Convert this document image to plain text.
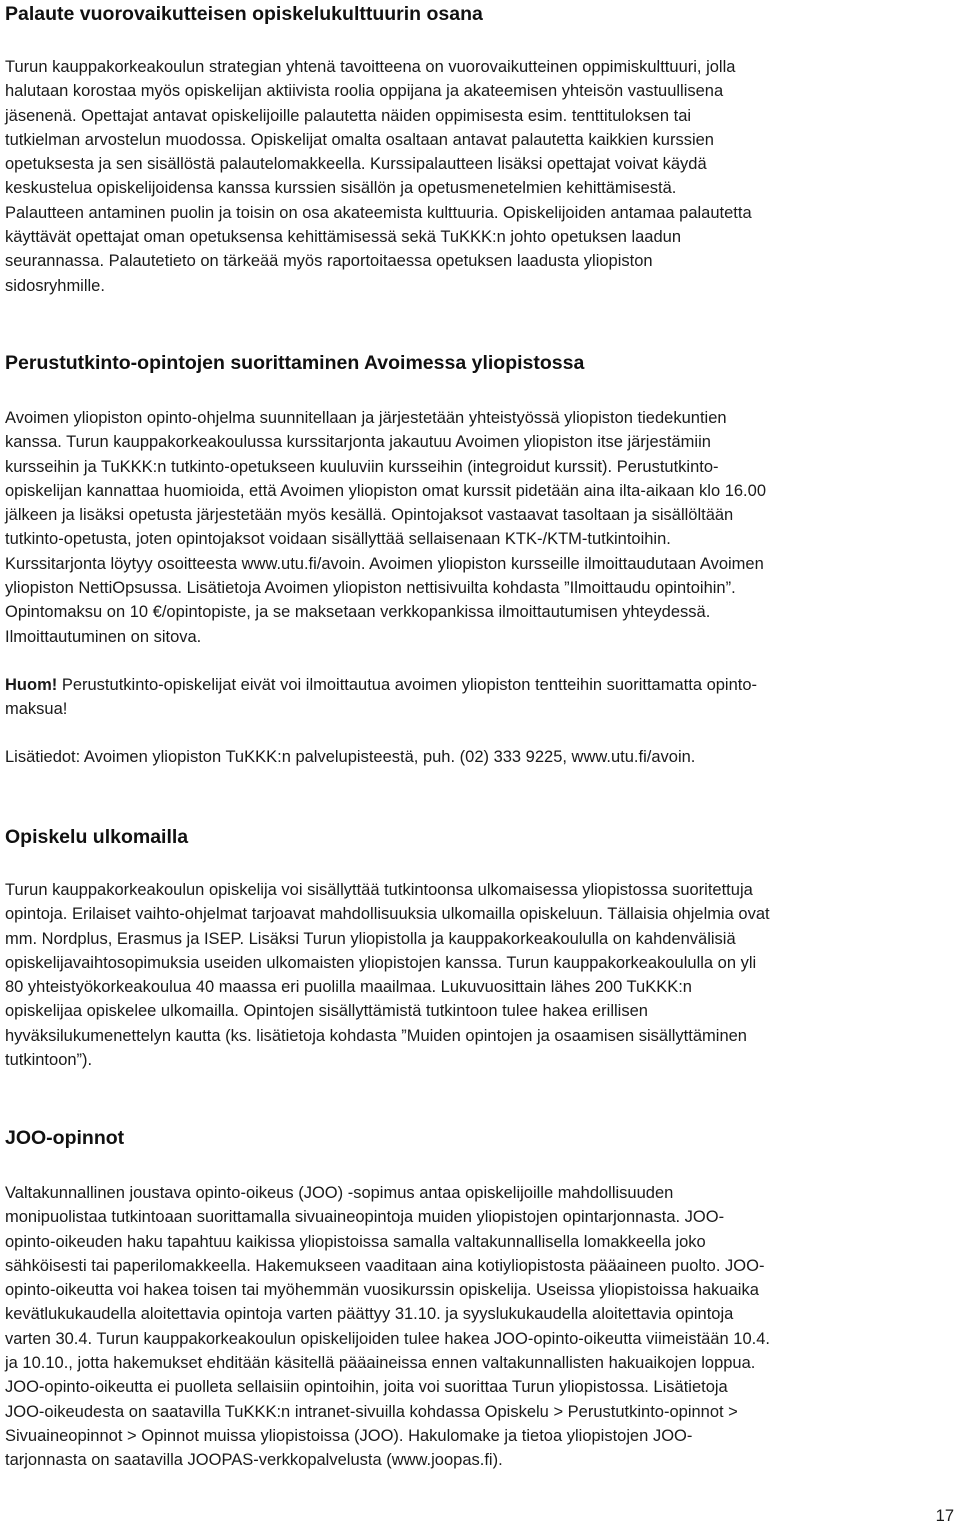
Palaute vuorovaikutteisen opiskelukulttuurin osana
Turun kauppakorkeakoulun strategian yhtenä tavoitteena on vuorovaikutteinen oppimiskulttuuri, jolla
halutaan korostaa myös opiskelijan aktiivista roolia oppijana ja akateemisen yhteisön vastuullisena
jäsenenä. Opettajat antavat opiskelijoille palautetta näiden oppimisesta esim. tenttituloksen tai
tutkielman arvostelun muodossa. Opiskelijat omalta osaltaan antavat palautetta kaikkien kurssien
opetuksesta ja sen sisällöstä palautelomakkeella. Kurssipalautteen lisäksi opettajat voivat käydä
keskustelua opiskelijoidensa kanssa kurssien sisällön ja opetusmenetelmien kehittämisestä.
Palautteen antaminen puolin ja toisin on osa akateemista kulttuuria. Opiskelijoiden antamaa palautetta
käyttävät opettajat oman opetuksensa kehittämisessä sekä TuKKK:n johto opetuksen laadun
seurannassa. Palautetieto on tärkeää myös raportoitaessa opetuksen laadusta yliopiston
sidosryhmille.
Perustutkinto-opintojen suorittaminen Avoimessa yliopistossa
Avoimen yliopiston opinto-ohjelma suunnitellaan ja järjestetään yhteistyössä yliopiston tiedekuntien
kanssa. Turun kauppakorkeakoulussa kurssitarjonta jakautuu Avoimen yliopiston itse järjestämiin
kursseihin ja TuKKK:n tutkinto-opetukseen kuuluviin kursseihin (integroidut kurssit). Perustutkinto-
opiskelijan kannattaa huomioida, että Avoimen yliopiston omat kurssit pidetään aina ilta-aikaan klo 16.00
jälkeen ja lisäksi opetusta järjestetään myös kesällä. Opintojaksot vastaavat tasoltaan ja sisällöltään
tutkinto-opetusta, joten opintojaksot voidaan sisällyttää sellaisenaan KTK-/KTM-tutkintoihin.
Kurssitarjonta löytyy osoitteesta www.utu.fi/avoin. Avoimen yliopiston kursseille ilmoittaudutaan Avoimen
yliopiston NettiOpsussa. Lisätietoja Avoimen yliopiston nettisivuilta kohdasta ”Ilmoittaudu opintoihin”.
Opintomaksu on 10 €/opintopiste, ja se maksetaan verkkopankissa ilmoittautumisen yhteydessä.
Ilmoittautuminen on sitova.
Huom! Perustutkinto-opiskelijat eivät voi ilmoittautua avoimen yliopiston tentteihin suorittamatta opinto-
maksua!
Lisätiedot: Avoimen yliopiston TuKKK:n palvelupisteestä, puh. (02) 333 9225, www.utu.fi/avoin.
Opiskelu ulkomailla
Turun kauppakorkeakoulun opiskelija voi sisällyttää tutkintoonsa ulkomaisessa yliopistossa suoritettuja
opintoja. Erilaiset vaihto-ohjelmat tarjoavat mahdollisuuksia ulkomailla opiskeluun. Tällaisia ohjelmia ovat
mm. Nordplus, Erasmus ja ISEP. Lisäksi Turun yliopistolla ja kauppakorkeakoululla on kahdenvälisiä
opiskelijavaihtosopimuksia useiden ulkomaisten yliopistojen kanssa. Turun kauppakorkeakoululla on yli
80 yhteistyökorkeakoulua 40 maassa eri puolilla maailmaa. Lukuvuosittain lähes 200 TuKKK:n
opiskelijaa opiskelee ulkomailla. Opintojen sisällyttämistä tutkintoon tulee hakea erillisen
hyväksilukumenettelyn kautta (ks. lisätietoja kohdasta ”Muiden opintojen ja osaamisen sisällyttäminen
tutkintoon”).
JOO-opinnot
Valtakunnallinen joustava opinto-oikeus (JOO) -sopimus antaa opiskelijoille mahdollisuuden
monipuolistaa tutkintoaan suorittamalla sivuaineopintoja muiden yliopistojen opintarjonnasta. JOO-
opinto-oikeuden haku tapahtuu kaikissa yliopistoissa samalla valtakunnallisella lomakkeella joko
sähköisesti tai paperilomakkeella. Hakemukseen vaaditaan aina kotiyliopistosta pääaineen puolto. JOO-
opinto-oikeutta voi hakea toisen tai myöhemmän vuosikurssin opiskelija. Useissa yliopistoissa hakuaika
kevätlukukaudella aloitettavia opintoja varten päättyy 31.10. ja syyslukukaudella aloitettavia opintoja
varten 30.4. Turun kauppakorkeakoulun opiskelijoiden tulee hakea JOO-opinto-oikeutta viimeistään 10.4.
ja 10.10., jotta hakemukset ehditään käsitellä pääaineissa ennen valtakunnallisten hakuaikojen loppua.
JOO-opinto-oikeutta ei puolleta sellaisiin opintoihin, joita voi suorittaa Turun yliopistossa. Lisätietoja
JOO-oikeudesta on saatavilla TuKKK:n intranet-sivuilla kohdassa Opiskelu > Perustutkinto-opinnot >
Sivuaineopinnot > Opinnot muissa yliopistoissa (JOO). Hakulomake ja tietoa yliopistojen JOO-
tarjonnasta on saatavilla JOOPAS-verkkopalvelusta (www.joopas.fi).
17
